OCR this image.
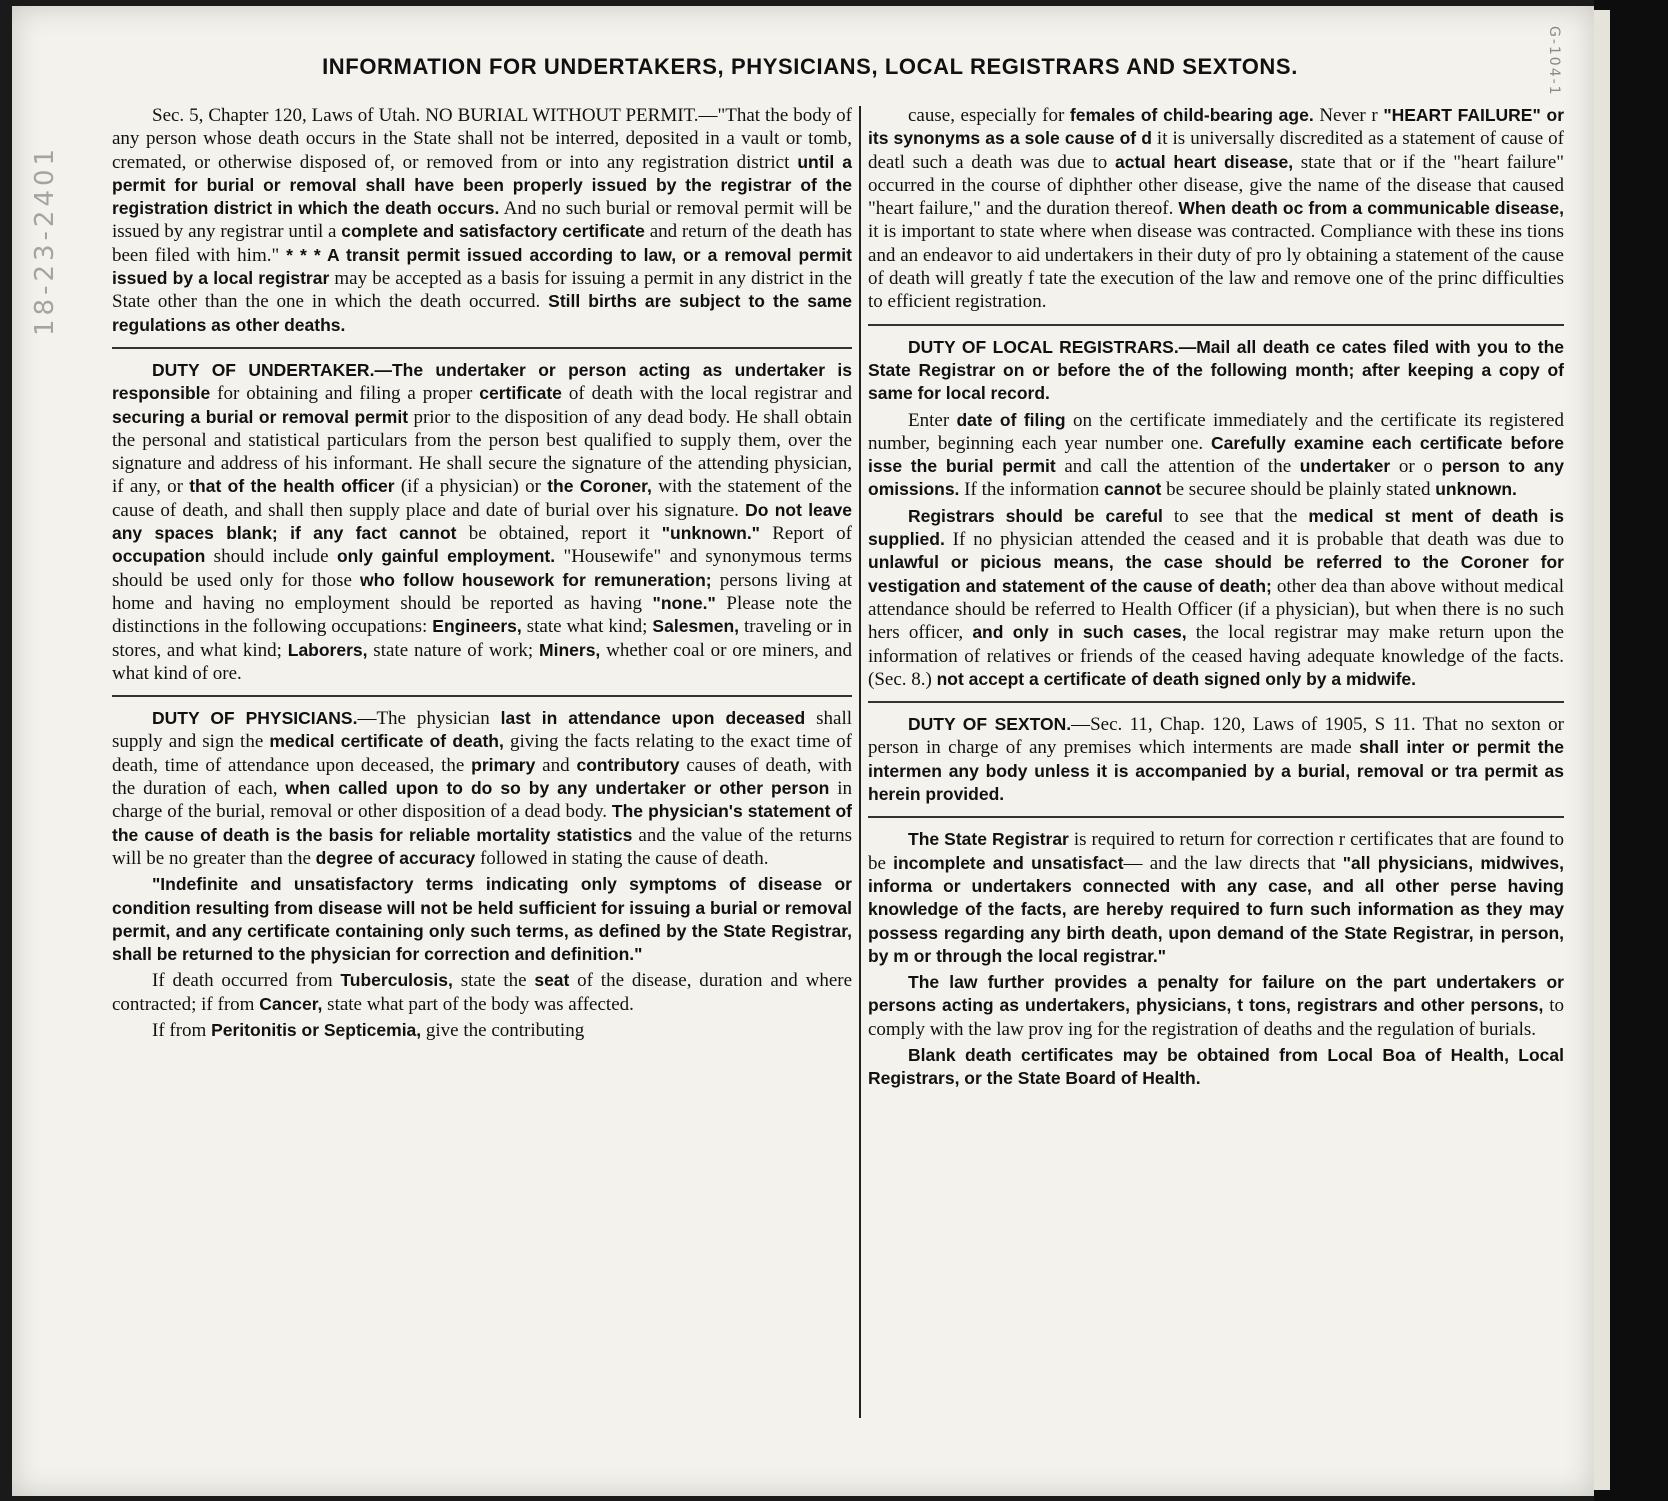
18-23-2401
G-104-1
INFORMATION FOR UNDERTAKERS, PHYSICIANS, LOCAL REGISTRARS AND SEXTONS.

Sec. 5, Chapter 120, Laws of Utah. NO BURIAL WITHOUT PERMIT.—"That the body of any person whose death occurs in the State shall not be interred, deposited in a vault or tomb, cremated, or otherwise disposed of, or removed from or into any registration district until a permit for burial or removal shall have been properly issued by the registrar of the registration district in which the death occurs. And no such burial or removal permit will be issued by any registrar until a complete and satisfactory certificate and return of the death has been filed with him." * * * A transit permit issued according to law, or a removal permit issued by a local registrar may be accepted as a basis for issuing a permit in any district in the State other than the one in which the death occurred. Still births are subject to the same regulations as other deaths.

DUTY OF UNDERTAKER.—The undertaker or person acting as undertaker is responsible for obtaining and filing a proper certificate of death with the local registrar and securing a burial or removal permit prior to the disposition of any dead body. He shall obtain the personal and statistical particulars from the person best qualified to supply them, over the signature and address of his informant. He shall secure the signature of the attending physician, if any, or that of the health officer (if a physician) or the Coroner, with the statement of the cause of death, and shall then supply place and date of burial over his signature. Do not leave any spaces blank; if any fact cannot be obtained, report it "unknown." Report of occupation should include only gainful employment. "Housewife" and synonymous terms should be used only for those who follow housework for remuneration; persons living at home and having no employment should be reported as having "none." Please note the distinctions in the following occupations: Engineers, state what kind; Salesmen, traveling or in stores, and what kind; Laborers, state nature of work; Miners, whether coal or ore miners, and what kind of ore.

DUTY OF PHYSICIANS.—The physician last in attendance upon deceased shall supply and sign the medical certificate of death, giving the facts relating to the exact time of death, time of attendance upon deceased, the primary and contributory causes of death, with the duration of each, when called upon to do so by any undertaker or other person in charge of the burial, removal or other disposition of a dead body. The physician's statement of the cause of death is the basis for reliable mortality statistics and the value of the returns will be no greater than the degree of accuracy followed in stating the cause of death.

"Indefinite and unsatisfactory terms indicating only symptoms of disease or condition resulting from disease will not be held sufficient for issuing a burial or removal permit, and any certificate containing only such terms, as defined by the State Registrar, shall be returned to the physician for correction and definition."

If death occurred from Tuberculosis, state the seat of the disease, duration and where contracted; if from Cancer, state what part of the body was affected.

If from Peritonitis or Septicemia, give the contributing

cause, especially for females of child-bearing age. Never r "HEART FAILURE" or its synonyms as a sole cause of d it is universally discredited as a statement of cause of deatl such a death was due to actual heart disease, state that or if the "heart failure" occurred in the course of diphther other disease, give the name of the disease that caused "heart failure," and the duration thereof. When death oc from a communicable disease, it is important to state where when disease was contracted. Compliance with these ins tions and an endeavor to aid undertakers in their duty of pro ly obtaining a statement of the cause of death will greatly f tate the execution of the law and remove one of the princ difficulties to efficient registration.

DUTY OF LOCAL REGISTRARS.—Mail all death ce cates filed with you to the State Registrar on or before the of the following month; after keeping a copy of same for local record.

Enter date of filing on the certificate immediately and the certificate its registered number, beginning each year number one. Carefully examine each certificate before isse the burial permit and call the attention of the undertaker or o person to any omissions. If the information cannot be securee should be plainly stated unknown.

Registrars should be careful to see that the medical st ment of death is supplied. If no physician attended the ceased and it is probable that death was due to unlawful or picious means, the case should be referred to the Coroner for vestigation and statement of the cause of death; other dea than above without medical attendance should be referred to Health Officer (if a physician), but when there is no such hers officer, and only in such cases, the local registrar may make return upon the information of relatives or friends of the ceased having adequate knowledge of the facts. (Sec. 8.) not accept a certificate of death signed only by a midwife.

DUTY OF SEXTON.—Sec. 11, Chap. 120, Laws of 1905, S 11. That no sexton or person in charge of any premises which interments are made shall inter or permit the intermen any body unless it is accompanied by a burial, removal or tra permit as herein provided.

The State Registrar is required to return for correction r certificates that are found to be incomplete and unsatisfact— and the law directs that "all physicians, midwives, informa or undertakers connected with any case, and all other perse having knowledge of the facts, are hereby required to furn such information as they may possess regarding any birth death, upon demand of the State Registrar, in person, by m or through the local registrar."

The law further provides a penalty for failure on the part undertakers or persons acting as undertakers, physicians, t tons, registrars and other persons, to comply with the law prov ing for the registration of deaths and the regulation of burials.

Blank death certificates may be obtained from Local Boa of Health, Local Registrars, or the State Board of Health.
